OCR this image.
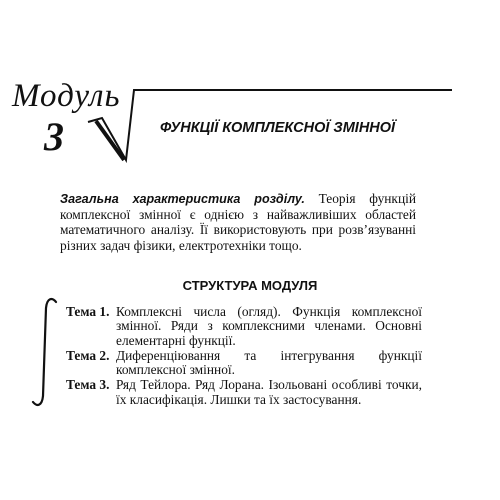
Модуль
3	ФУНКЦІЇ КОМПЛЕКСНОЇ ЗМІННОЇ
Загальна характеристика розділу. Теорія функцій комплексної змінної є однією з найважливіших областей математичного аналізу. Її використовують при розв’язуванні різних задач фізики, електротехніки тощо.
СТРУКТУРА МОДУЛЯ
Тема 1. Комплексні числа (огляд). Функція комплексної змінної. Ряди з комплексними членами. Основні елементарні функції.
Тема 2. Диференціювання та інтегрування функції комплексної змінної.
Тема 3. Ряд Тейлора. Ряд Лорана. Ізольовані особливі точки, їх класифікація. Лишки та їх застосування.
